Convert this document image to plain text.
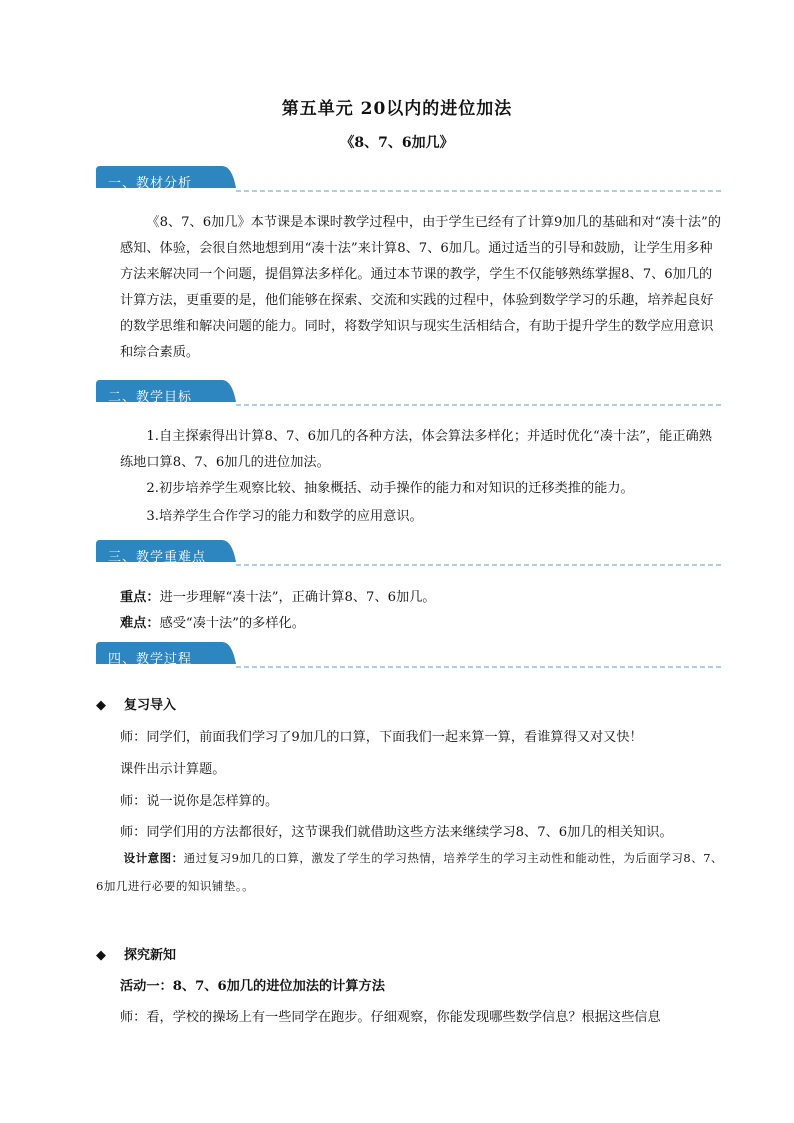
第五单元 20以内的进位加法
《8、7、6加几》
一、教材分析

《8、7、6加几》本节课是本课时教学过程中，由于学生已经有了计算9加几的基础和对“凑十法”的感知、体验，会很自然地想到用“凑十法”来计算8、7、6加几。通过适当的引导和鼓励，让学生用多种方法来解决同一个问题，提倡算法多样化。通过本节课的教学，学生不仅能够熟练掌握8、7、6加几的计算方法，更重要的是，他们能够在探索、交流和实践的过程中，体验到数学学习的乐趣，培养起良好的数学思维和解决问题的能力。同时，将数学知识与现实生活相结合，有助于提升学生的数学应用意识和综合素质。

二、教学目标

1.自主探索得出计算8、7、6加几的各种方法，体会算法多样化；并适时优化“凑十法”，能正确熟练地口算8、7、6加几的进位加法。

2.初步培养学生观察比较、抽象概括、动手操作的能力和对知识的迁移类推的能力。

3.培养学生合作学习的能力和数学的应用意识。

三、教学重难点
重点：进一步理解“凑十法”，正确计算8、7、6加几。
难点：感受“凑十法”的多样化。
四、教学过程
◆ 复习导入
师：同学们，前面我们学习了9加几的口算，下面我们一起来算一算，看谁算得又对又快！
课件出示计算题。
师：说一说你是怎样算的。
师：同学们用的方法都很好，这节课我们就借助这些方法来继续学习8、7、6加几的相关知识。

设计意图：通过复习9加几的口算，激发了学生的学习热情，培养学生的学习主动性和能动性，为后面学习8、7、6加几进行必要的知识铺垫。。

◆ 探究新知
活动一：8、7、6加几的进位加法的计算方法
师：看，学校的操场上有一些同学在跑步。仔细观察，你能发现哪些数学信息？根据这些信息
